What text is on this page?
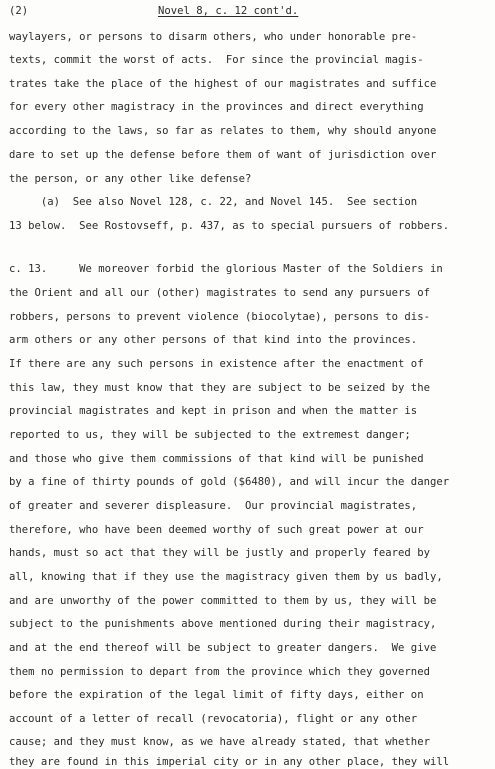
(2)	Novel 8, c. 12 cont'd.
waylayers, or persons to disarm others, who under honorable pre-
texts, commit the worst of acts.  For since the provincial magis-
trates take the place of the highest of our magistrates and suffice
for every other magistracy in the provinces and direct everything
according to the laws, so far as relates to them, why should anyone
dare to set up the defense before them of want of jurisdiction over
the person, or any other like defense?
(a)  See also Novel 128, c. 22, and Novel 145.  See section
13 below.  See Rostovseff, p. 437, as to special pursuers of robbers.
c. 13.     We moreover forbid the glorious Master of the Soldiers in
the Orient and all our (other) magistrates to send any pursuers of
robbers, persons to prevent violence (biocolytae), persons to dis-
arm others or any other persons of that kind into the provinces.
If there are any such persons in existence after the enactment of
this law, they must know that they are subject to be seized by the
provincial magistrates and kept in prison and when the matter is
reported to us, they will be subjected to the extremest danger;
and those who give them commissions of that kind will be punished
by a fine of thirty pounds of gold ($6480), and will incur the danger
of greater and severer displeasure.  Our provincial magistrates,
therefore, who have been deemed worthy of such great power at our
hands, must so act that they will be justly and properly feared by
all, knowing that if they use the magistracy given them by us badly,
and are unworthy of the power committed to them by us, they will be
subject to the punishments above mentioned during their magistracy,
and at the end thereof will be subject to greater dangers.  We give
them no permission to depart from the province which they governed
before the expiration of the legal limit of fifty days, either on
account of a letter of recall (revocatoria), flight or any other
cause; and they must know, as we have already stated, that whether
they are found in this imperial city or in any other place, they will
